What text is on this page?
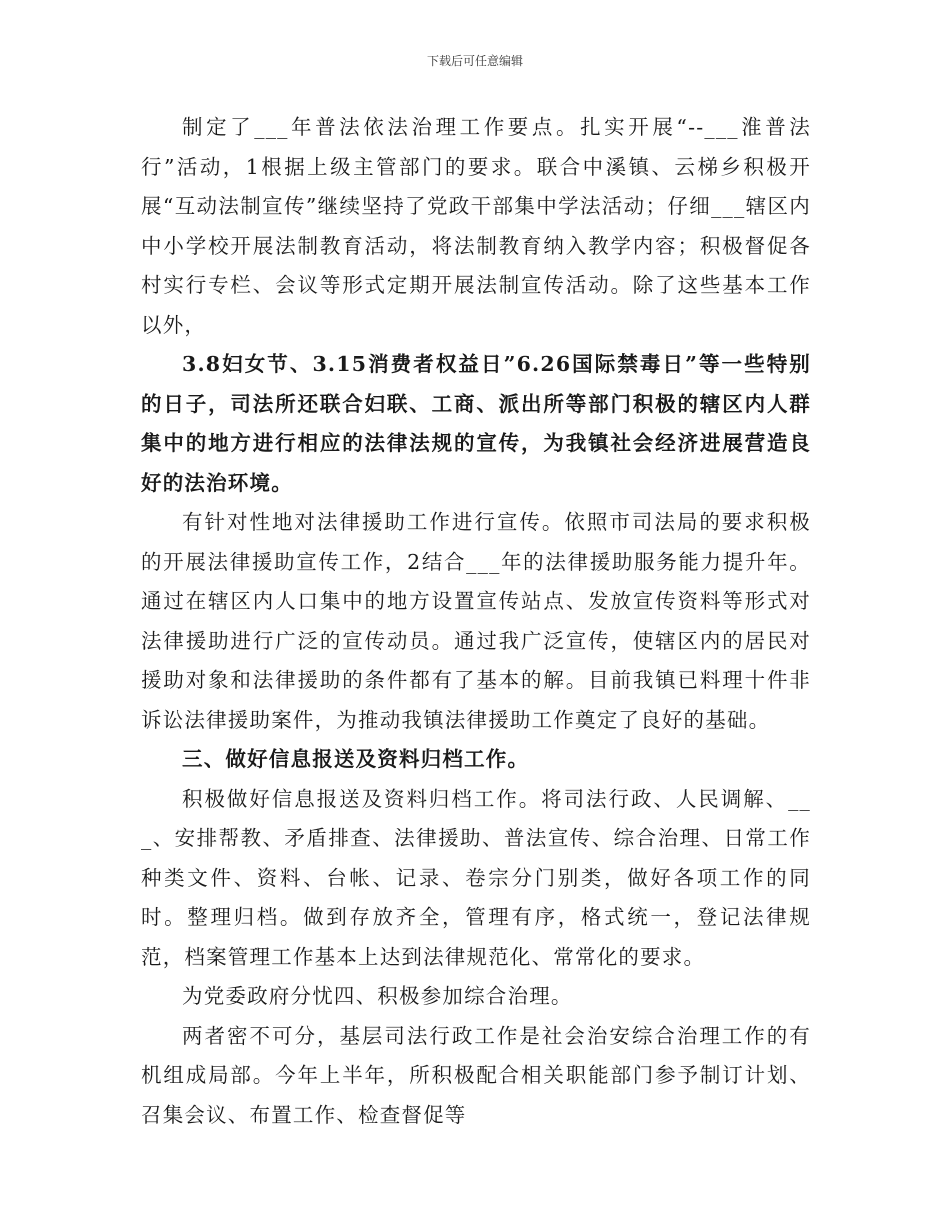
下载后可任意编辑

制定了___年普法依法治理工作要点。扎实开展“--___淮普法行”活动，1根据上级主管部门的要求。联合中溪镇、云梯乡积极开展“互动法制宣传”继续坚持了党政干部集中学法活动；仔细___辖区内中小学校开展法制教育活动，将法制教育纳入教学内容；积极督促各村实行专栏、会议等形式定期开展法制宣传活动。除了这些基本工作以外，

3.8妇女节、3.15消费者权益日”6.26国际禁毒日”等一些特别的日子，司法所还联合妇联、工商、派出所等部门积极的辖区内人群集中的地方进行相应的法律法规的宣传，为我镇社会经济进展营造良好的法治环境。

有针对性地对法律援助工作进行宣传。依照市司法局的要求积极的开展法律援助宣传工作，2结合___年的法律援助服务能力提升年。通过在辖区内人口集中的地方设置宣传站点、发放宣传资料等形式对法律援助进行广泛的宣传动员。通过我广泛宣传，使辖区内的居民对援助对象和法律援助的条件都有了基本的解。目前我镇已料理十件非诉讼法律援助案件，为推动我镇法律援助工作奠定了良好的基础。

三、做好信息报送及资料归档工作。

积极做好信息报送及资料归档工作。将司法行政、人民调解、___、安排帮教、矛盾排查、法律援助、普法宣传、综合治理、日常工作种类文件、资料、台帐、记录、卷宗分门别类，做好各项工作的同时。整理归档。做到存放齐全，管理有序，格式统一，登记法律规范，档案管理工作基本上达到法律规范化、常常化的要求。

为党委政府分忧四、积极参加综合治理。

两者密不可分，基层司法行政工作是社会治安综合治理工作的有机组成局部。今年上半年，所积极配合相关职能部门参予制订计划、召集会议、布置工作、检查督促等
